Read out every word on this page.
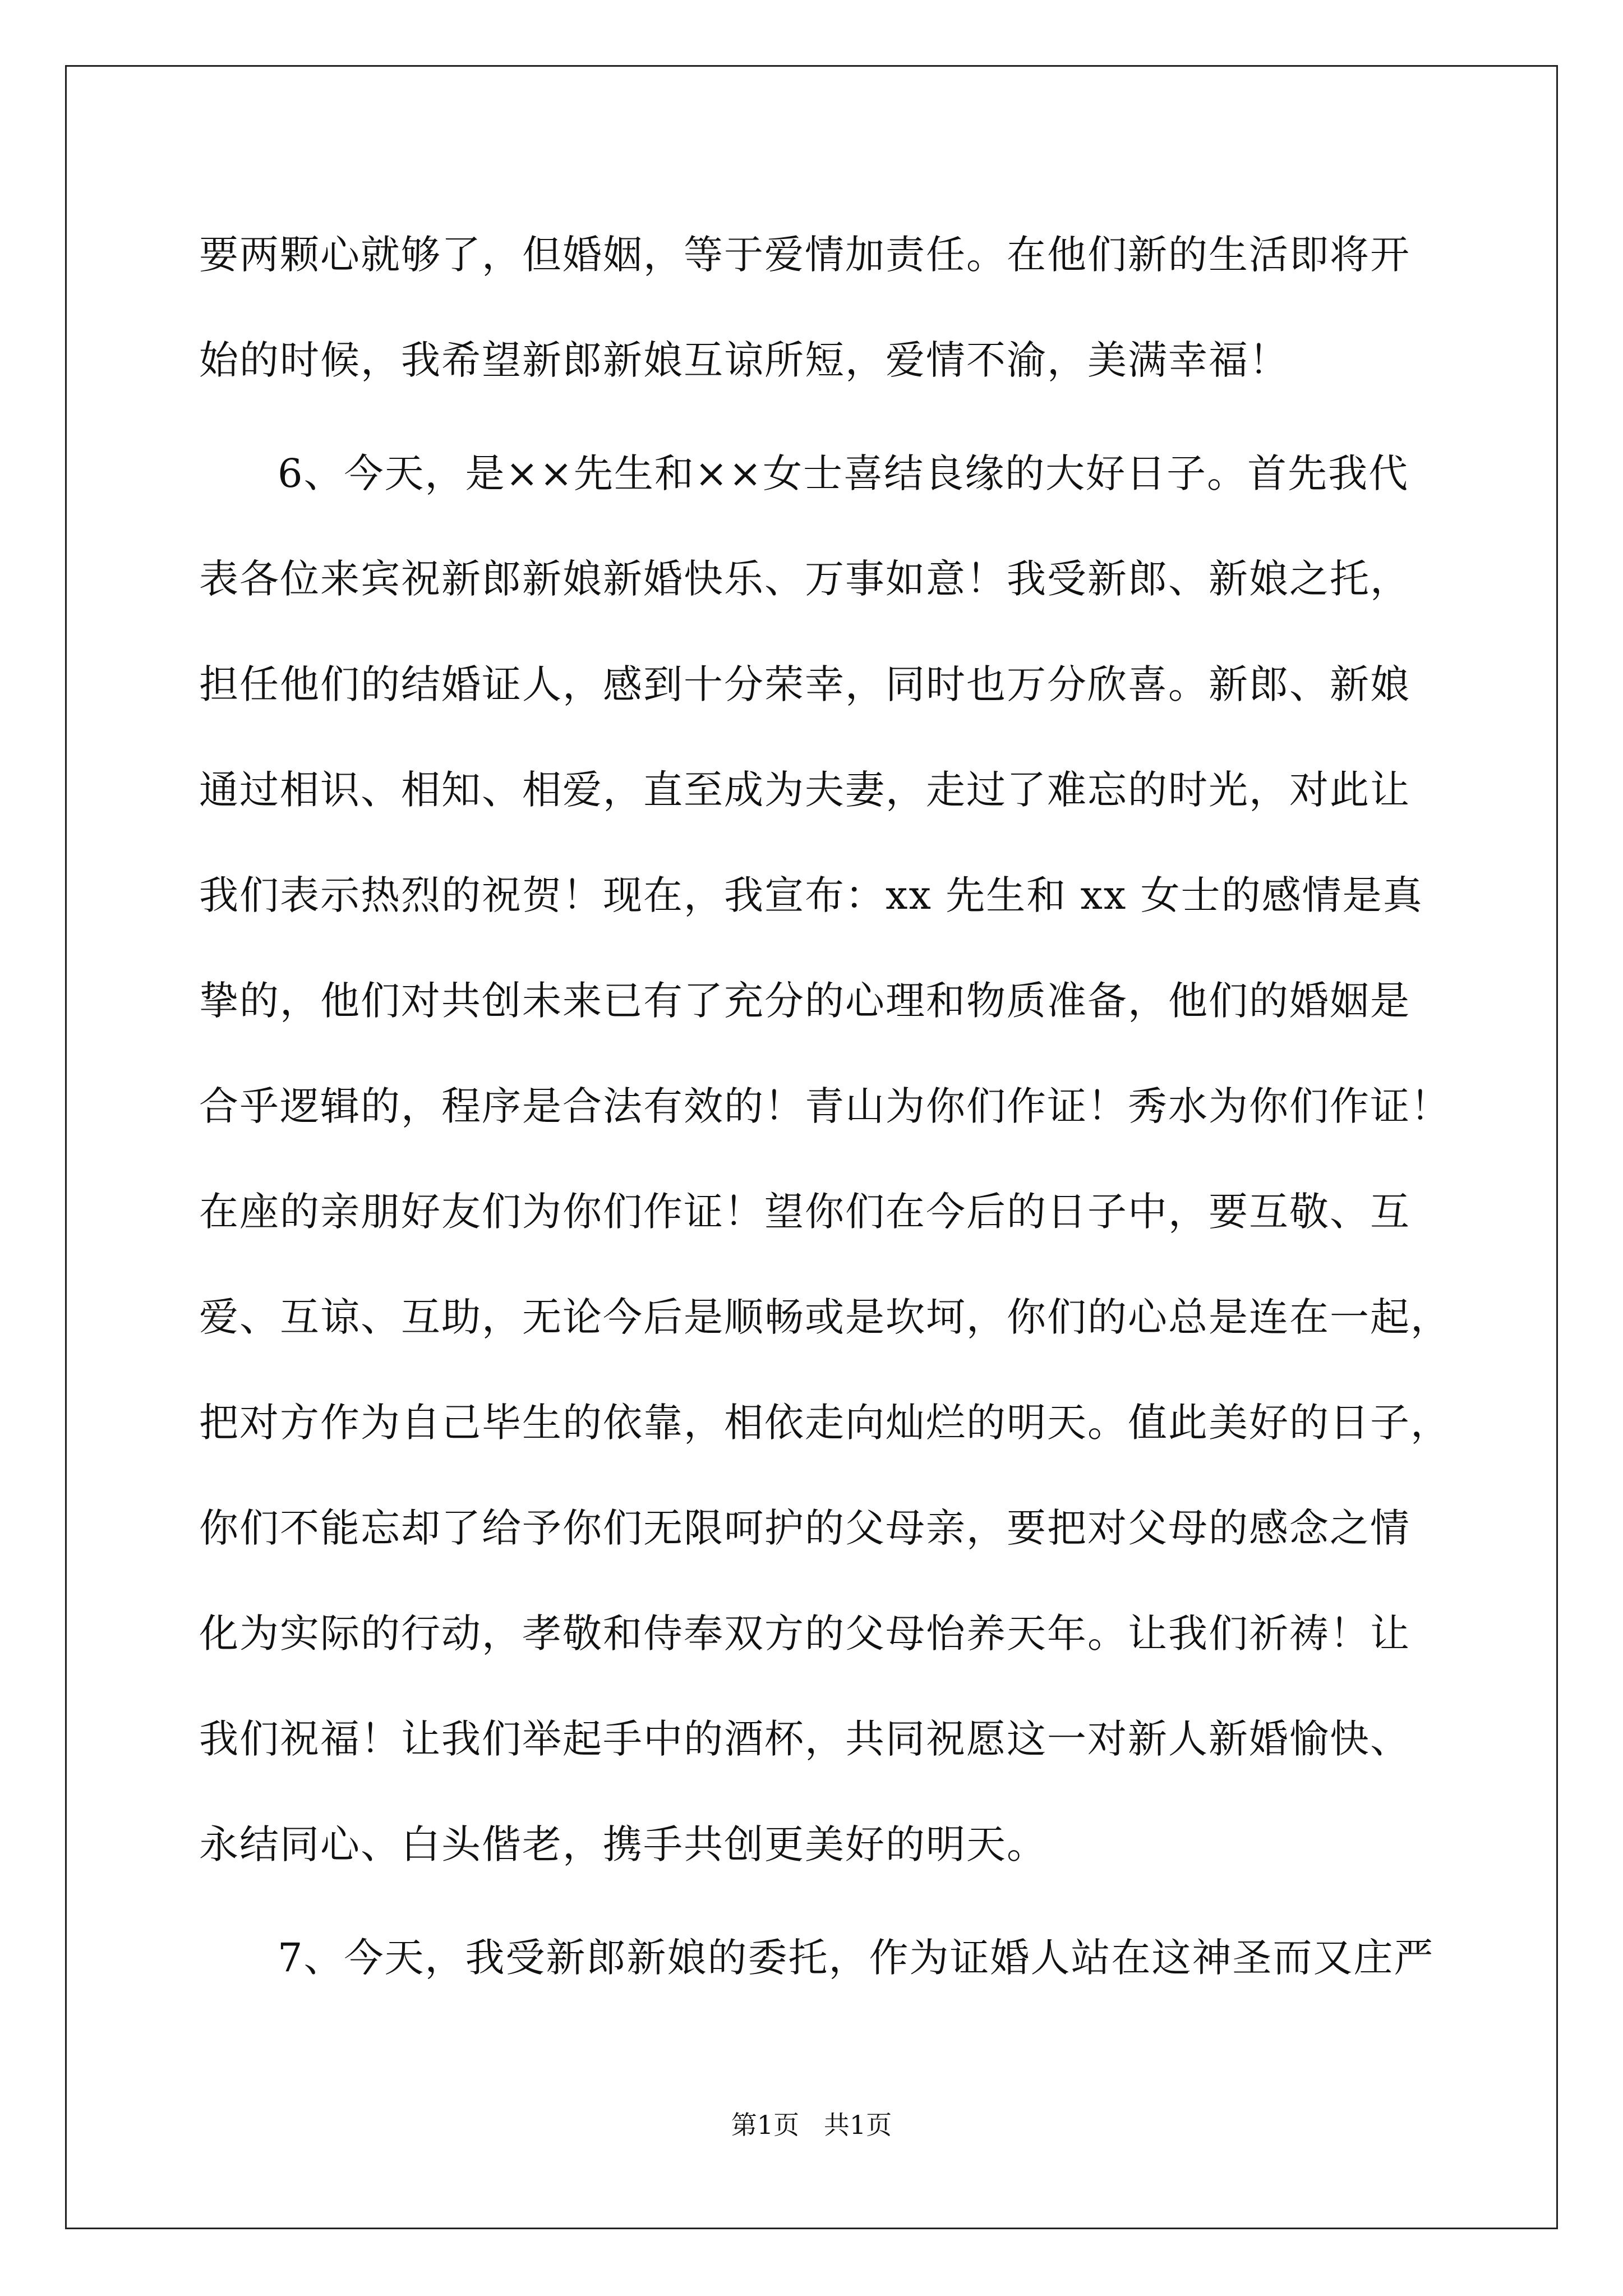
要两颗心就够了，但婚姻，等于爱情加责任。在他们新的生活即将开
始的时候，我希望新郎新娘互谅所短，爱情不渝，美满幸福！
6、今天，是××先生和××女士喜结良缘的大好日子。首先我代
表各位来宾祝新郎新娘新婚快乐、万事如意！我受新郎、新娘之托，
担任他们的结婚证人，感到十分荣幸，同时也万分欣喜。新郎、新娘
通过相识、相知、相爱，直至成为夫妻，走过了难忘的时光，对此让
我们表示热烈的祝贺！现在，我宣布：xx 先生和 xx 女士的感情是真
挚的，他们对共创未来已有了充分的心理和物质准备，他们的婚姻是
合乎逻辑的，程序是合法有效的！青山为你们作证！秀水为你们作证！
在座的亲朋好友们为你们作证！望你们在今后的日子中，要互敬、互
爱、互谅、互助，无论今后是顺畅或是坎坷，你们的心总是连在一起，
把对方作为自己毕生的依靠，相依走向灿烂的明天。值此美好的日子，
你们不能忘却了给予你们无限呵护的父母亲，要把对父母的感念之情
化为实际的行动，孝敬和侍奉双方的父母怡养天年。让我们祈祷！让
我们祝福！让我们举起手中的酒杯，共同祝愿这一对新人新婚愉快、
永结同心、白头偕老，携手共创更美好的明天。
7、今天，我受新郎新娘的委托，作为证婚人站在这神圣而又庄严
第1页   共1页
